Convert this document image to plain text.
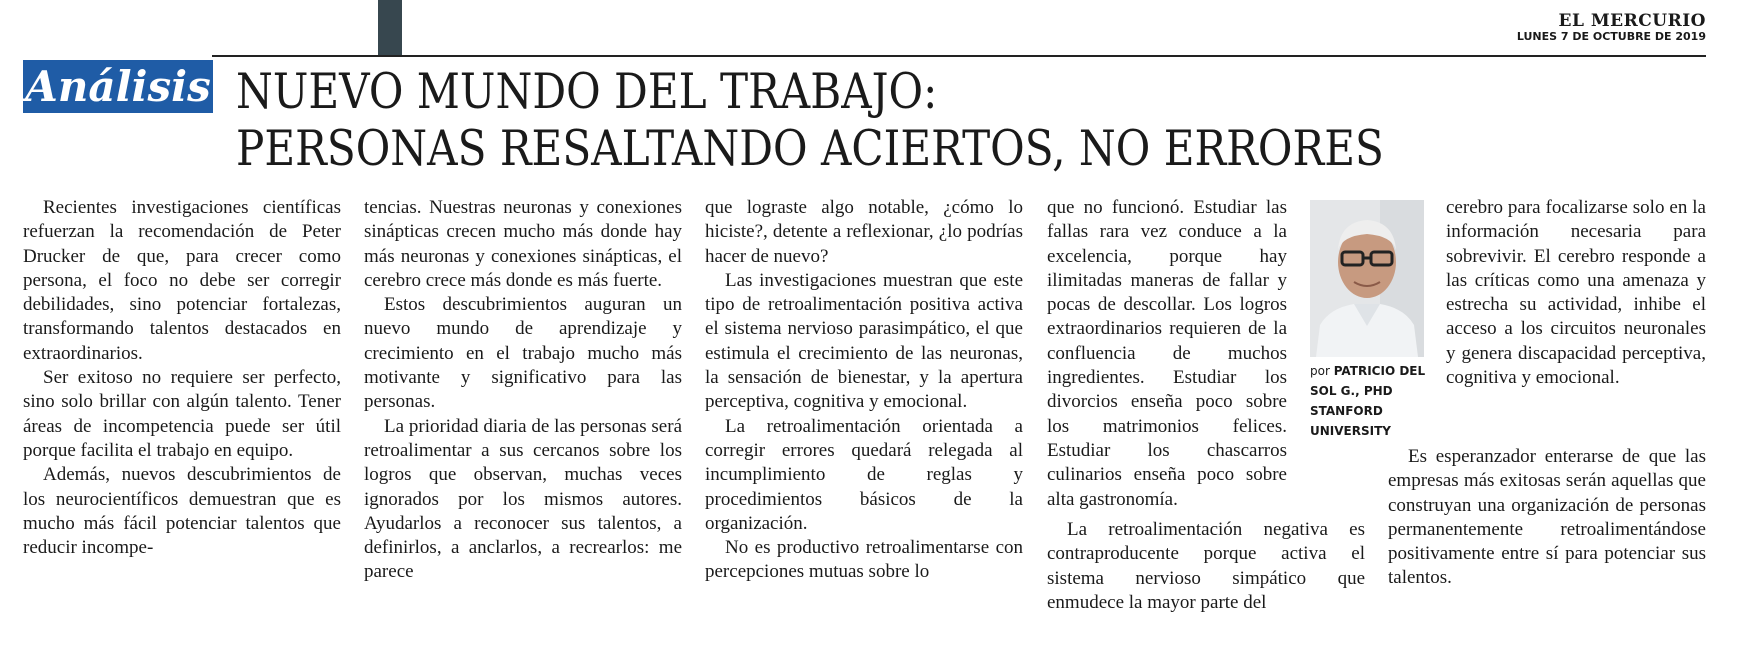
EL MERCURIO
LUNES 7 DE OCTUBRE DE 2019
Análisis NUEVO MUNDO DEL TRABAJO:
PERSONAS RESALTANDO ACIERTOS, NO ERRORES

Recientes investigaciones científicas refuerzan la recomendación de Peter Drucker de que, para crecer como persona, el foco no debe ser corregir debilidades, sino potenciar fortalezas, transformando talentos destacados en extraordinarios.

Ser exitoso no requiere ser perfecto, sino solo brillar con algún talento. Tener áreas de incompetencia puede ser útil porque facilita el trabajo en equipo.

Además, nuevos descubrimientos de los neurocientíficos demuestran que es mucho más fácil potenciar talentos que reducir incompe-

tencias. Nuestras neuronas y conexiones sinápticas crecen mucho más donde hay más neuronas y conexiones sinápticas, el cerebro crece más donde es más fuerte.

Estos descubrimientos auguran un nuevo mundo de aprendizaje y crecimiento en el trabajo mucho más motivante y significativo para las personas.

La prioridad diaria de las personas será retroalimentar a sus cercanos sobre los logros que observan, muchas veces ignorados por los mismos autores. Ayudarlos a reconocer sus talentos, a definirlos, a anclarlos, a recrearlos: me parece

que lograste algo notable, ¿cómo lo hiciste?, detente a reflexionar, ¿lo podrías hacer de nuevo?

Las investigaciones muestran que este tipo de retroalimentación positiva activa el sistema nervioso parasimpático, el que estimula el crecimiento de las neuronas, la sensación de bienestar, y la apertura perceptiva, cognitiva y emocional.

La retroalimentación orientada a corregir errores quedará relegada al incumplimiento de reglas y procedimientos básicos de la organización.

No es productivo retroalimentarse con percepciones mutuas sobre lo

que no funcionó. Estudiar las fallas rara vez conduce a la excelencia, porque hay ilimitadas maneras de fallar y pocas de descollar. Los logros extraordinarios requieren de la confluencia de muchos ingredientes. Estudiar los divorcios enseña poco sobre los matrimonios felices. Estudiar los chascarros culinarios enseña poco sobre alta gastronomía.

La retroalimentación negativa es contraproducente porque activa el sistema nervioso simpático que enmudece la mayor parte del

por PATRICIO DEL SOL G., PHD STANFORD UNIVERSITY

cerebro para focalizarse solo en la información necesaria para sobrevivir. El cerebro responde a las críticas como una amenaza y estrecha su actividad, inhibe el acceso a los circuitos neuronales y genera discapacidad perceptiva, cognitiva y emocional.

Es esperanzador enterarse de que las empresas más exitosas serán aquellas que construyan una organización de personas permanentemente retroalimentándose positivamente entre sí para potenciar sus talentos.
